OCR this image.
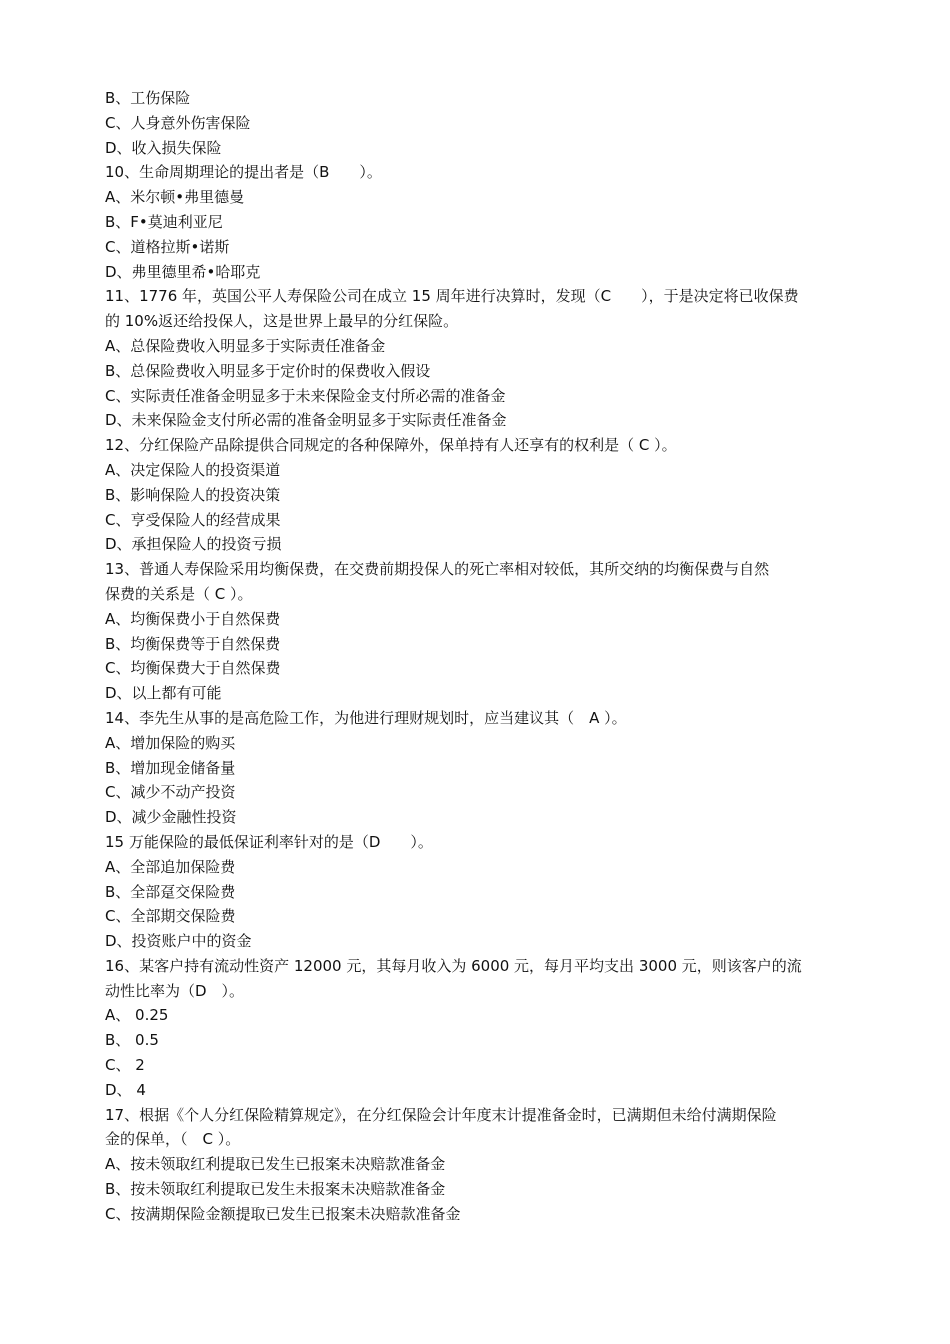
B、工伤保险
C、人身意外伤害保险
D、收入损失保险
10、生命周期理论的提出者是（B　　）。
A、米尔顿•弗里德曼
B、F•莫迪利亚尼
C、道格拉斯•诺斯
D、弗里德里希•哈耶克
11、1776 年，英国公平人寿保险公司在成立 15 周年进行决算时，发现（C　　），于是决定将已收保费
的 10%返还给投保人，这是世界上最早的分红保险。
A、总保险费收入明显多于实际责任准备金
B、总保险费收入明显多于定价时的保费收入假设
C、实际责任准备金明显多于未来保险金支付所必需的准备金
D、未来保险金支付所必需的准备金明显多于实际责任准备金
12、分红保险产品除提供合同规定的各种保障外，保单持有人还享有的权利是（ C ）。
A、决定保险人的投资渠道
B、影响保险人的投资决策
C、亨受保险人的经营成果
D、承担保险人的投资亏损
13、普通人寿保险采用均衡保费，在交费前期投保人的死亡率相对较低，其所交纳的均衡保费与自然
保费的关系是（ C ）。
A、均衡保费小于自然保费
B、均衡保费等于自然保费
C、均衡保费大于自然保费
D、以上都有可能
14、李先生从事的是高危险工作，为他进行理财规划时，应当建议其（　A ）。
A、增加保险的购买
B、增加现金储备量
C、减少不动产投资
D、减少金融性投资
15 万能保险的最低保证利率针对的是（D　　）。
A、全部追加保险费
B、全部趸交保险费
C、全部期交保险费
D、投资账户中的资金
16、某客户持有流动性资产 12000 元，其每月收入为 6000 元，每月平均支出 3000 元，则该客户的流
动性比率为（D　）。
A、 0.25
B、 0.5
C、 2
D、 4
17、根据《个人分红保险精算规定》，在分红保险会计年度末计提准备金时，已满期但未给付满期保险
金的保单，（　C ）。
A、按未领取红利提取已发生已报案未决赔款准备金
B、按未领取红利提取已发生未报案未决赔款准备金
C、按满期保险金额提取已发生已报案未决赔款准备金
